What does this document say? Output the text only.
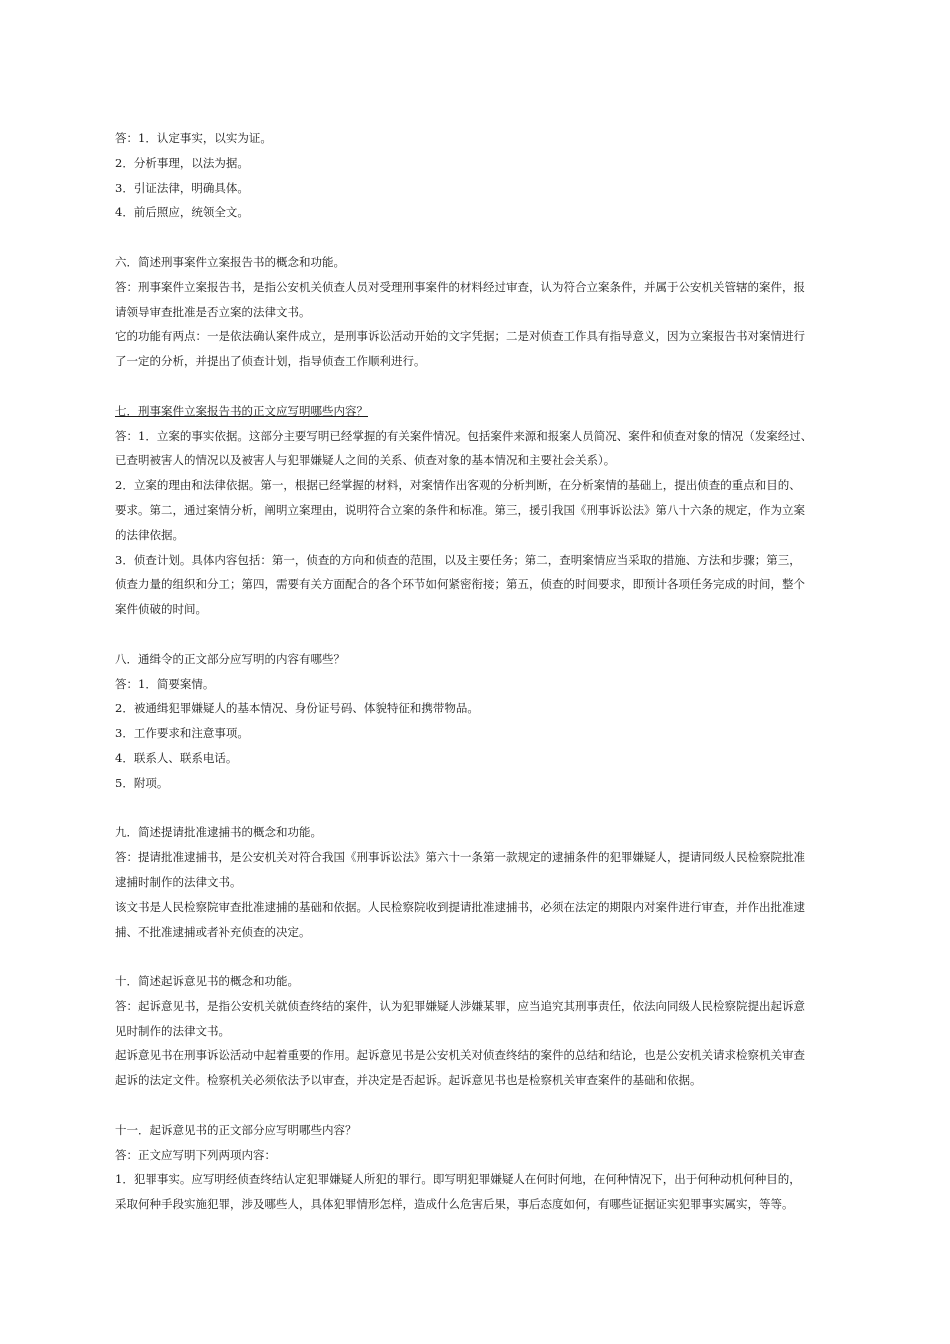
答：1．认定事实，以实为证。
2．分析事理，以法为据。
3．引证法律，明确具体。
4．前后照应，统领全文。
六．简述刑事案件立案报告书的概念和功能。
答：刑事案件立案报告书，是指公安机关侦查人员对受理刑事案件的材料经过审查，认为符合立案条件，并属于公安机关管辖的案件，报
请领导审查批准是否立案的法律文书。
它的功能有两点：一是依法确认案件成立，是刑事诉讼活动开始的文字凭据；二是对侦查工作具有指导意义，因为立案报告书对案情进行
了一定的分析，并提出了侦查计划，指导侦查工作顺利进行。
七．刑事案件立案报告书的正文应写明哪些内容？
答：1．立案的事实依据。这部分主要写明已经掌握的有关案件情况。包括案件来源和报案人员简况、案件和侦查对象的情况（发案经过、
已查明被害人的情况以及被害人与犯罪嫌疑人之间的关系、侦查对象的基本情况和主要社会关系）。
2．立案的理由和法律依据。第一，根据已经掌握的材料，对案情作出客观的分析判断，在分析案情的基础上，提出侦查的重点和目的、
要求。第二，通过案情分析，阐明立案理由，说明符合立案的条件和标准。第三，援引我国《刑事诉讼法》第八十六条的规定，作为立案
的法律依据。
3．侦查计划。具体内容包括：第一，侦查的方向和侦查的范围，以及主要任务；第二，查明案情应当采取的措施、方法和步骤；第三，
侦查力量的组织和分工；第四，需要有关方面配合的各个环节如何紧密衔接；第五，侦查的时间要求，即预计各项任务完成的时间，整个
案件侦破的时间。
八．通缉令的正文部分应写明的内容有哪些？
答：1．简要案情。
2．被通缉犯罪嫌疑人的基本情况、身份证号码、体貌特征和携带物品。
3．工作要求和注意事项。
4．联系人、联系电话。
5．附项。
九．简述提请批准逮捕书的概念和功能。
答：提请批准逮捕书，是公安机关对符合我国《刑事诉讼法》第六十一条第一款规定的逮捕条件的犯罪嫌疑人，提请同级人民检察院批准
逮捕时制作的法律文书。
该文书是人民检察院审查批准逮捕的基础和依据。人民检察院收到提请批准逮捕书，必须在法定的期限内对案件进行审查，并作出批准逮
捕、不批准逮捕或者补充侦查的决定。
十．简述起诉意见书的概念和功能。
答：起诉意见书，是指公安机关就侦查终结的案件，认为犯罪嫌疑人涉嫌某罪，应当追究其刑事责任，依法向同级人民检察院提出起诉意
见时制作的法律文书。
起诉意见书在刑事诉讼活动中起着重要的作用。起诉意见书是公安机关对侦查终结的案件的总结和结论，也是公安机关请求检察机关审查
起诉的法定文件。检察机关必须依法予以审查，并决定是否起诉。起诉意见书也是检察机关审查案件的基础和依据。
十一．起诉意见书的正文部分应写明哪些内容？
答：正文应写明下列两项内容：
1．犯罪事实。应写明经侦查终结认定犯罪嫌疑人所犯的罪行。即写明犯罪嫌疑人在何时何地，在何种情况下，出于何种动机何种目的，
采取何种手段实施犯罪，涉及哪些人，具体犯罪情形怎样，造成什么危害后果，事后态度如何，有哪些证据证实犯罪事实属实，等等。
